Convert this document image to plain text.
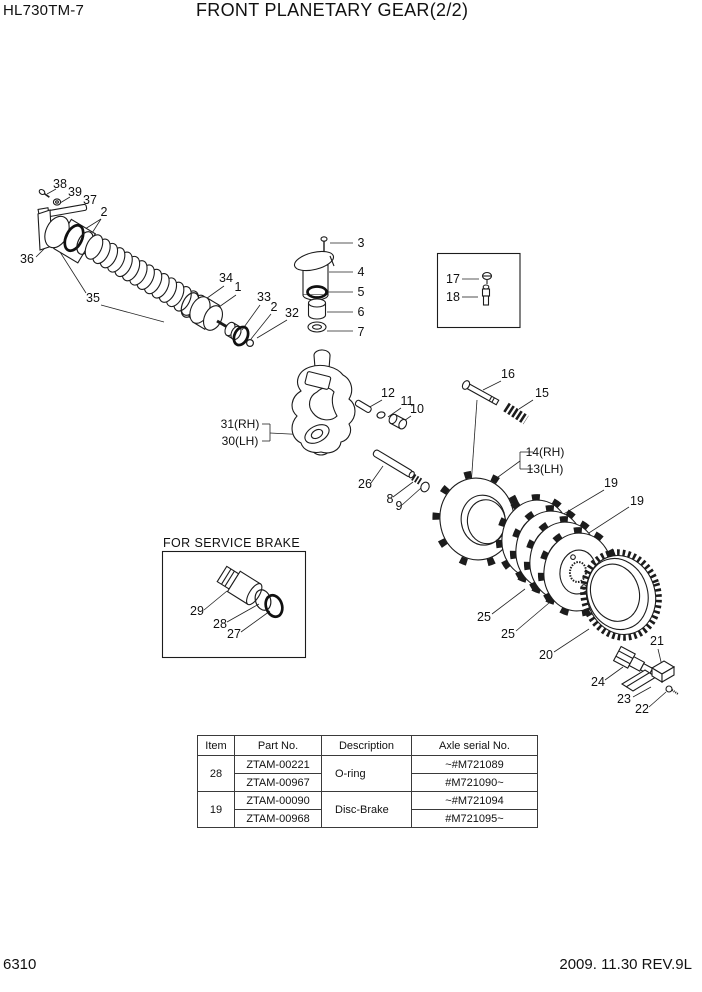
HL730TM-7	FRONT PLANETARY GEAR(2/2)
FOR SERVICE BRAKE
38
39
37
2
36
35
34
1
33
2 32
3
4
5
6
7
17
18
12
11
10
16
15
31(RH)
30(LH)
26
8 9
14(RH)
13(LH)
19
19
25
25
20
24
21
23
22
29
28
27
Item	Part No.	Description	Axle serial No.
28	ZTAM-00221	O-ring	~#M721089
	ZTAM-00967		#M721090~
19	ZTAM-00090	Disc-Brake	~#M721094
	ZTAM-00968		#M721095~
6310	2009. 11.30 REV.9L
